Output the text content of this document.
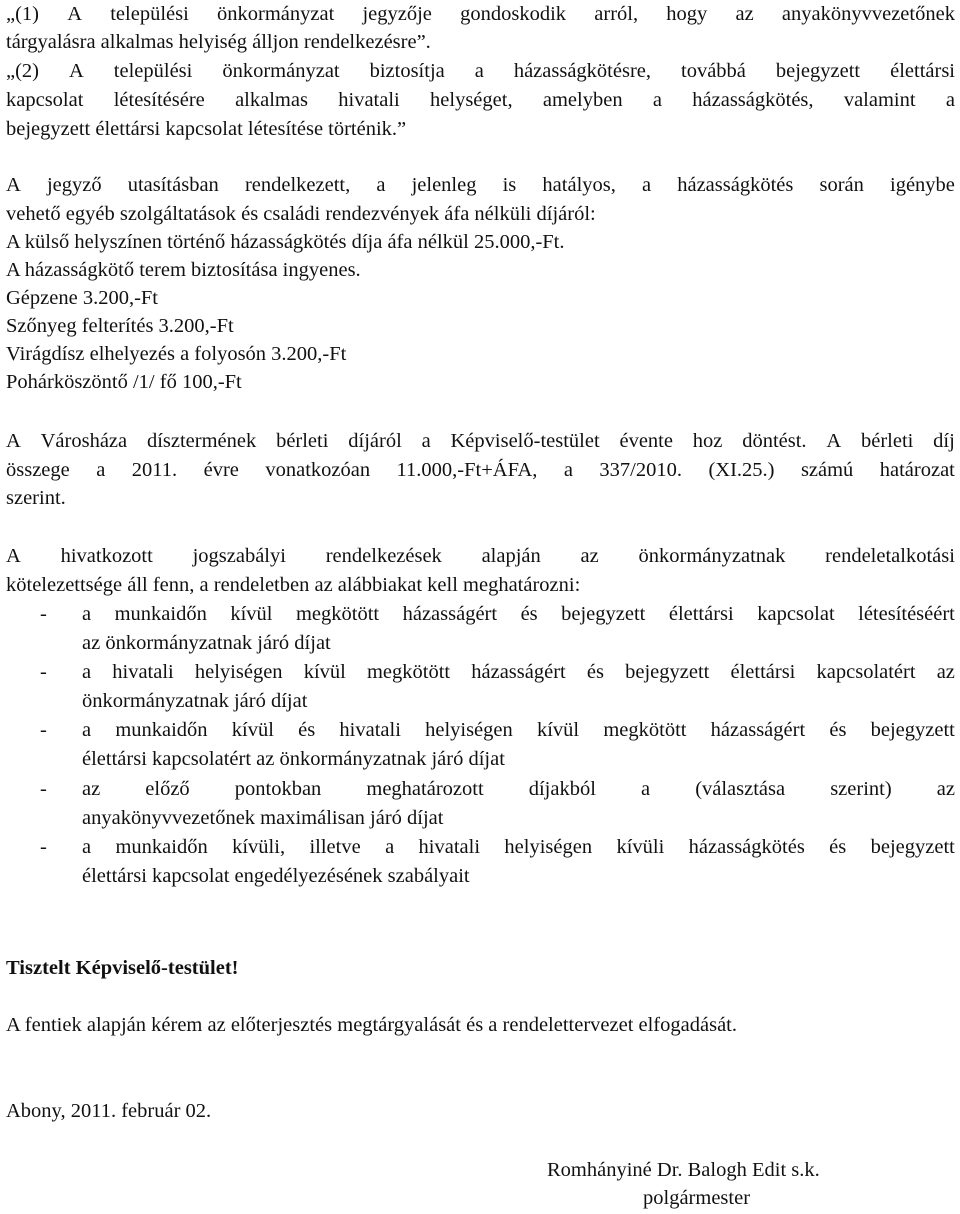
„(1) A települési önkormányzat jegyzője gondoskodik arról, hogy az anyakönyvvezetőnek
tárgyalásra alkalmas helyiség álljon rendelkezésre”.
„(2) A települési önkormányzat biztosítja a házasságkötésre, továbbá bejegyzett élettársi
kapcsolat létesítésére alkalmas hivatali helységet, amelyben a házasságkötés, valamint a
bejegyzett élettársi kapcsolat létesítése történik.”
A jegyző utasításban rendelkezett, a jelenleg is hatályos, a házasságkötés során igénybe
vehető egyéb szolgáltatások és családi rendezvények áfa nélküli díjáról:
A külső helyszínen történő házasságkötés díja áfa nélkül 25.000,-Ft.
A házasságkötő terem biztosítása ingyenes.
Gépzene 3.200,-Ft
Szőnyeg felterítés 3.200,-Ft
Virágdísz elhelyezés a folyosón 3.200,-Ft
Pohárköszöntő /1/ fő 100,-Ft
A Városháza dísztermének bérleti díjáról a Képviselő-testület évente hoz döntést. A bérleti díj
összege a 2011. évre vonatkozóan 11.000,-Ft+ÁFA, a 337/2010. (XI.25.) számú határozat
szerint.
A hivatkozott jogszabályi rendelkezések alapján az önkormányzatnak rendeletalkotási
kötelezettsége áll fenn, a rendeletben az alábbiakat kell meghatározni:
- a munkaidőn kívül megkötött házasságért és bejegyzett élettársi kapcsolat létesítéséért
az önkormányzatnak járó díjat
- a hivatali helyiségen kívül megkötött házasságért és bejegyzett élettársi kapcsolatért az
önkormányzatnak járó díjat
- a munkaidőn kívül és hivatali helyiségen kívül megkötött házasságért és bejegyzett
élettársi kapcsolatért az önkormányzatnak járó díjat
- az előző pontokban meghatározott díjakból a (választása szerint) az
anyakönyvvezetőnek maximálisan járó díjat
- a munkaidőn kívüli, illetve a hivatali helyiségen kívüli házasságkötés és bejegyzett
élettársi kapcsolat engedélyezésének szabályait
Tisztelt Képviselő-testület!
A fentiek alapján kérem az előterjesztés megtárgyalását és a rendelettervezet elfogadását.
Abony, 2011. február 02.
Romhányiné Dr. Balogh Edit s.k.
polgármester
